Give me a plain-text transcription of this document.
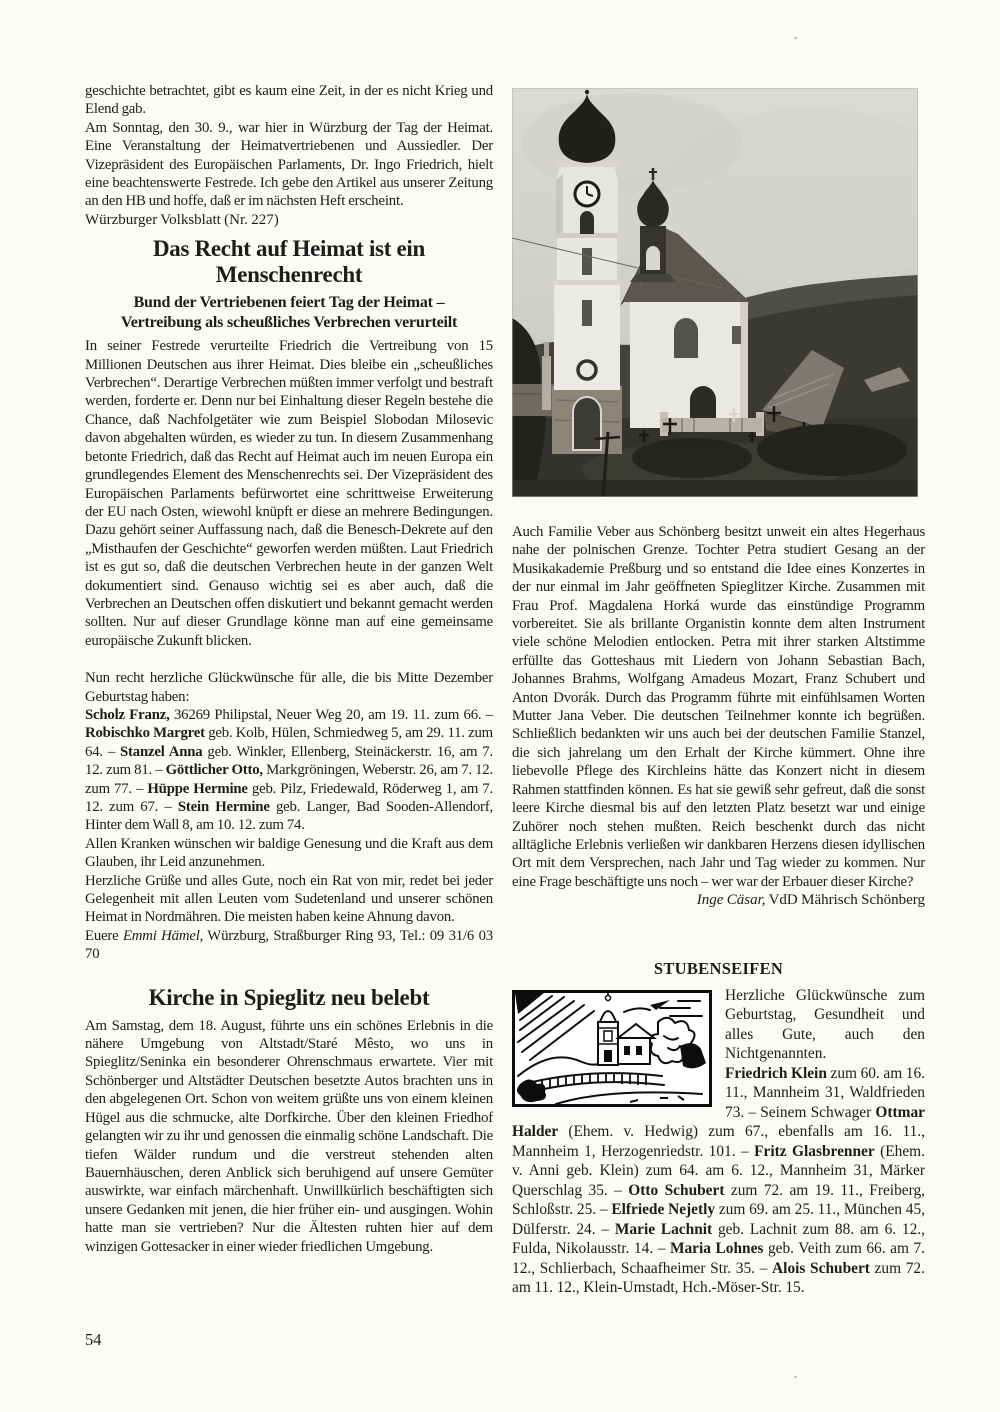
geschichte betrachtet, gibt es kaum eine Zeit, in der es nicht Krieg und Elend gab.

Am Sonntag, den 30. 9., war hier in Würzburg der Tag der Heimat. Eine Veranstaltung der Heimatvertriebenen und Aussiedler. Der Vizepräsident des Europäischen Parlaments, Dr. Ingo Friedrich, hielt eine beachtenswerte Festrede. Ich gebe den Artikel aus unserer Zeitung an den HB und hoffe, daß er im nächsten Heft erscheint.

Würzburger Volksblatt (Nr. 227)

Das Recht auf Heimat ist ein Menschenrecht
Bund der Vertriebenen feiert Tag der Heimat – Vertreibung als scheußliches Verbrechen verurteilt

In seiner Festrede verurteilte Friedrich die Vertreibung von 15 Millionen Deutschen aus ihrer Heimat. Dies bleibe ein „scheußliches Verbrechen“. Derartige Verbrechen müßten immer verfolgt und bestraft werden, forderte er. Denn nur bei Einhaltung dieser Regeln bestehe die Chance, daß Nachfolgetäter wie zum Beispiel Slobodan Milosevic davon abgehalten würden, es wieder zu tun. In diesem Zusammenhang betonte Friedrich, daß das Recht auf Heimat auch im neuen Europa ein grundlegendes Element des Menschenrechts sei. Der Vizepräsident des Europäischen Parlaments befürwortet eine schrittweise Erweiterung der EU nach Osten, wiewohl knüpft er diese an mehrere Bedingungen. Dazu gehört seiner Auffassung nach, daß die Benesch-Dekrete auf den „Misthaufen der Geschichte“ geworfen werden müßten. Laut Friedrich ist es gut so, daß die deutschen Verbrechen heute in der ganzen Welt dokumentiert sind. Genauso wichtig sei es aber auch, daß die Verbrechen an Deutschen offen diskutiert und bekannt gemacht werden sollten. Nur auf dieser Grundlage könne man auf eine gemeinsame europäische Zukunft blicken.

Nun recht herzliche Glückwünsche für alle, die bis Mitte Dezember Geburtstag haben:

Scholz Franz, 36269 Philipstal, Neuer Weg 20, am 19. 11. zum 66. – Robischko Margret geb. Kolb, Hülen, Schmiedweg 5, am 29. 11. zum 64. – Stanzel Anna geb. Winkler, Ellenberg, Steinäckerstr. 16, am 7. 12. zum 81. – Göttlicher Otto, Markgröningen, Weberstr. 26, am 7. 12. zum 77. – Hüppe Hermine geb. Pilz, Friedewald, Röderweg 1, am 7. 12. zum 67. – Stein Hermine geb. Langer, Bad Sooden-Allendorf, Hinter dem Wall 8, am 10. 12. zum 74.

Allen Kranken wünschen wir baldige Genesung und die Kraft aus dem Glauben, ihr Leid anzunehmen.

Herzliche Grüße und alles Gute, noch ein Rat von mir, redet bei jeder Gelegenheit mit allen Leuten vom Sudetenland und unserer schönen Heimat in Nordmähren. Die meisten haben keine Ahnung davon.

Euere Emmi Hämel, Würzburg, Straßburger Ring 93, Tel.: 09 31/6 03 70

Kirche in Spieglitz neu belebt

Am Samstag, dem 18. August, führte uns ein schönes Erlebnis in die nähere Umgebung von Altstadt/Staré Mêsto, wo uns in Spieglitz/Seninka ein besonderer Ohrenschmaus erwartete. Vier mit Schönberger und Altstädter Deutschen besetzte Autos brachten uns in den abgelegenen Ort. Schon von weitem grüßte uns von einem kleinen Hügel aus die schmucke, alte Dorfkirche. Über den kleinen Friedhof gelangten wir zu ihr und genossen die einmalig schöne Landschaft. Die tiefen Wälder rundum und die verstreut stehenden alten Bauernhäuschen, deren Anblick sich beruhigend auf unsere Gemüter auswirkte, war einfach märchenhaft. Unwillkürlich beschäftigten sich unsere Gedanken mit jenen, die hier früher ein- und ausgingen. Wohin hatte man sie vertrieben? Nur die Ältesten ruhten hier auf dem winzigen Gottesacker in einer wieder friedlichen Umgebung.

Auch Familie Veber aus Schönberg besitzt unweit ein altes Hegerhaus nahe der polnischen Grenze. Tochter Petra studiert Gesang an der Musikakademie Preßburg und so entstand die Idee eines Konzertes in der nur einmal im Jahr geöffneten Spieglitzer Kirche. Zusammen mit Frau Prof. Magdalena Horká wurde das einstündige Programm vorbereitet. Sie als brillante Organistin konnte dem alten Instrument viele schöne Melodien entlocken. Petra mit ihrer starken Altstimme erfüllte das Gotteshaus mit Liedern von Johann Sebastian Bach, Johannes Brahms, Wolfgang Amadeus Mozart, Franz Schubert und Anton Dvorák. Durch das Programm führte mit einfühlsamen Worten Mutter Jana Veber. Die deutschen Teilnehmer konnte ich begrüßen. Schließlich bedankten wir uns auch bei der deutschen Familie Stanzel, die sich jahrelang um den Erhalt der Kirche kümmert. Ohne ihre liebevolle Pflege des Kirchleins hätte das Konzert nicht in diesem Rahmen stattfinden können. Es hat sie gewiß sehr gefreut, daß die sonst leere Kirche diesmal bis auf den letzten Platz besetzt war und einige Zuhörer noch stehen mußten. Reich beschenkt durch das nicht alltägliche Erlebnis verließen wir dankbaren Herzens diesen idyllischen Ort mit dem Versprechen, nach Jahr und Tag wieder zu kommen. Nur eine Frage beschäftigte uns noch – wer war der Erbauer dieser Kirche?

Inge Cäsar, VdD Mährisch Schönberg

STUBENSEIFEN

Herzliche Glückwünsche zum Geburtstag, Gesundheit und alles Gute, auch den Nichtgenannten.

Friedrich Klein zum 60. am 16. 11., Mannheim 31, Waldfrieden 73. – Seinem Schwager Ottmar Halder (Ehem. v. Hedwig) zum 67., ebenfalls am 16. 11., Mannheim 1, Herzogenriedstr. 101. – Fritz Glasbrenner (Ehem. v. Anni geb. Klein) zum 64. am 6. 12., Mannheim 31, Märker Querschlag 35. – Otto Schubert zum 72. am 19. 11., Freiberg, Schloßstr. 25. – Elfriede Nejetly zum 69. am 25. 11., München 45, Dülferstr. 24. – Marie Lachnit geb. Lachnit zum 88. am 6. 12., Fulda, Nikolausstr. 14. – Maria Lohnes geb. Veith zum 66. am 7. 12., Schlierbach, Schaafheimer Str. 35. – Alois Schubert zum 72. am 11. 12., Klein-Umstadt, Hch.-Möser-Str. 15.

54
